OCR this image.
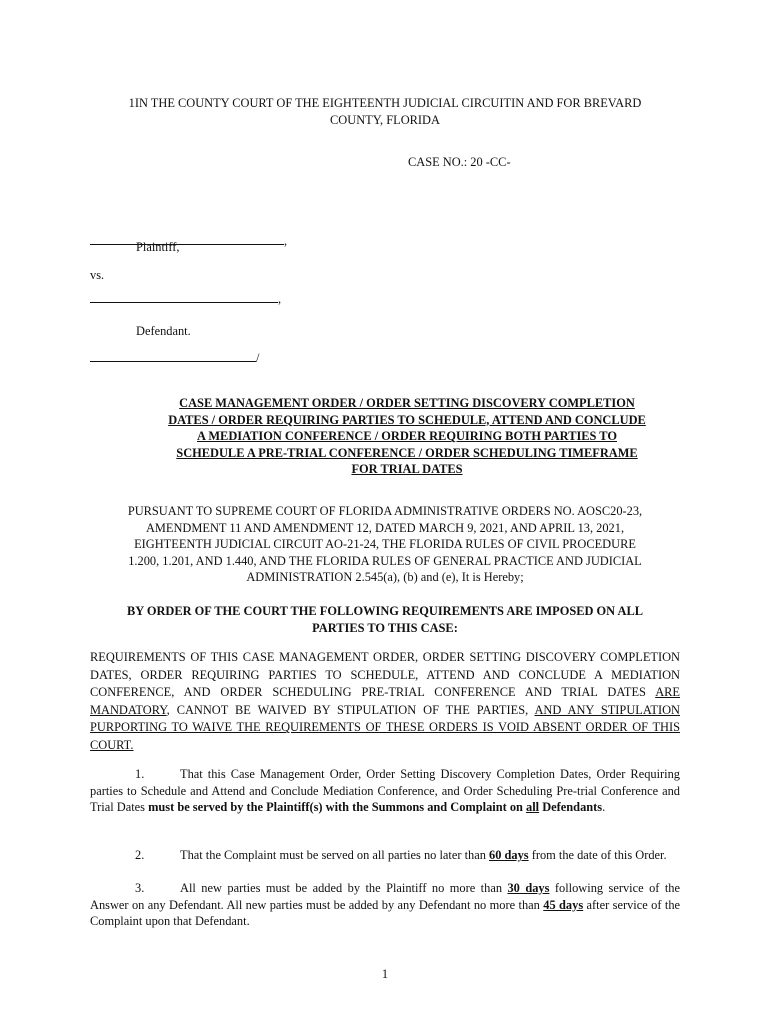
1IN THE COUNTY COURT OF THE EIGHTEENTH JUDICIAL CIRCUITIN AND FOR BREVARD
COUNTY, FLORIDA
CASE NO.: 20 -CC-
,
Plaintiff,
vs.
,
Defendant.
/
CASE MANAGEMENT ORDER / ORDER SETTING DISCOVERY COMPLETION
DATES / ORDER REQUIRING PARTIES TO SCHEDULE, ATTEND AND CONCLUDE
A MEDIATION CONFERENCE / ORDER REQUIRING BOTH PARTIES TO
SCHEDULE A PRE-TRIAL CONFERENCE / ORDER SCHEDULING TIMEFRAME
FOR TRIAL DATES
PURSUANT TO SUPREME COURT OF FLORIDA ADMINISTRATIVE ORDERS NO. AOSC20-23,
AMENDMENT 11 AND AMENDMENT 12, DATED MARCH 9, 2021, AND APRIL 13, 2021,
EIGHTEENTH JUDICIAL CIRCUIT AO-21-24, THE FLORIDA RULES OF CIVIL PROCEDURE
1.200, 1.201, AND 1.440, AND THE FLORIDA RULES OF GENERAL PRACTICE AND JUDICIAL
ADMINISTRATION 2.545(a), (b) and (e), It is Hereby;
BY ORDER OF THE COURT THE FOLLOWING REQUIREMENTS ARE IMPOSED ON ALL
PARTIES TO THIS CASE:
REQUIREMENTS OF THIS CASE MANAGEMENT ORDER, ORDER SETTING DISCOVERY COMPLETION DATES, ORDER REQUIRING PARTIES TO SCHEDULE, ATTEND AND CONCLUDE A MEDIATION CONFERENCE, AND ORDER SCHEDULING PRE-TRIAL CONFERENCE AND TRIAL DATES ARE MANDATORY, CANNOT BE WAIVED BY STIPULATION OF THE PARTIES, AND ANY STIPULATION PURPORTING TO WAIVE THE REQUIREMENTS OF THESE ORDERS IS VOID ABSENT ORDER OF THIS COURT.
1.	That this Case Management Order, Order Setting Discovery Completion Dates, Order Requiring parties to Schedule and Attend and Conclude Mediation Conference, and Order Scheduling Pre-trial Conference and Trial Dates must be served by the Plaintiff(s) with the Summons and Complaint on all Defendants.
2.	That the Complaint must be served on all parties no later than 60 days from the date of this Order.
3.	All new parties must be added by the Plaintiff no more than 30 days following service of the Answer on any Defendant. All new parties must be added by any Defendant no more than 45 days after service of the Complaint upon that Defendant.
1
